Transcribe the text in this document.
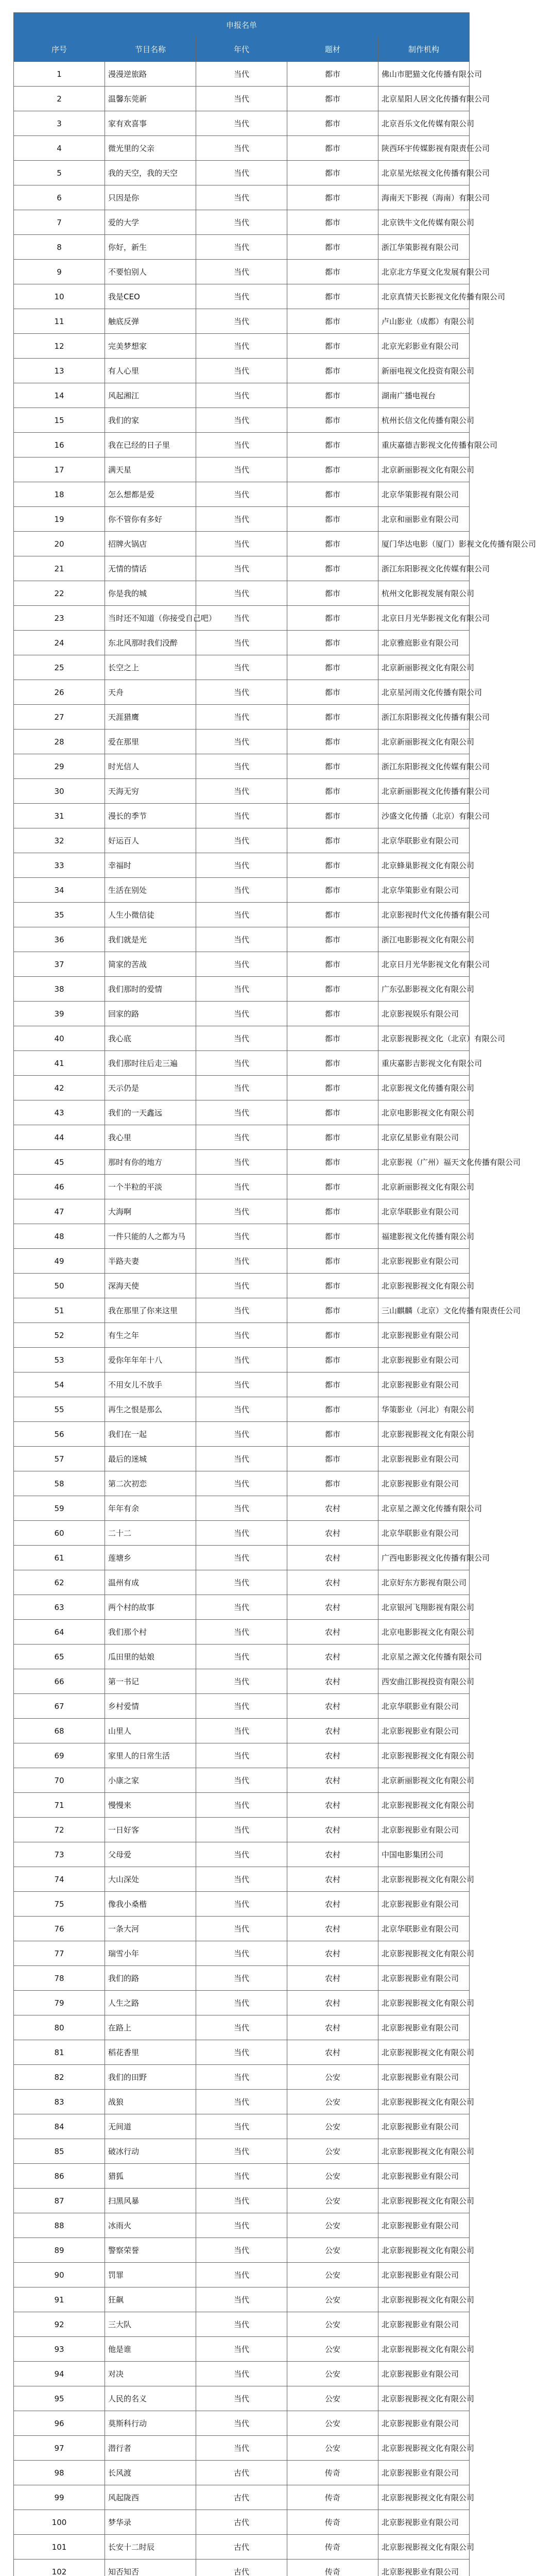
申报名单				
序号	节目名称	年代	题材	制作机构
1	漫漫逆旅路	当代	都市	佛山市肥猫文化传播有限公司
2	温馨东莞新	当代	都市	北京星阳人居文化传播有限公司
3	家有欢喜事	当代	都市	北京吾乐文化传媒有限公司
4	微光里的父亲	当代	都市	陕西环宇传媒影视有限责任公司
5	我的天空，我的天空	当代	都市	北京星光炫视文化传播有限公司
6	只因是你	当代	都市	海南天下影视（海南）有限公司
7	爱的大学	当代	都市	北京铁牛文化传媒有限公司
8	你好，新生	当代	都市	浙江华策影视有限公司
9	不要怕别人	当代	都市	北京北方华夏文化发展有限公司
10	我是CEO	当代	都市	北京真情天长影视文化传播有限公司
11	触底反弹	当代	都市	卢山影业（成都）有限公司
12	完美梦想家	当代	都市	北京光彩影业有限公司
13	有人心里	当代	都市	新丽电视文化投资有限公司
14	风起湘江	当代	都市	湖南广播电视台
15	我们的家	当代	都市	杭州长信文化传播有限公司
16	我在已经的日子里	当代	都市	重庆嘉德吉影视文化传播有限公司
17	满天星	当代	都市	北京新丽影视文化有限公司
18	怎么想都是爱	当代	都市	北京华策影视有限公司
19	你不管你有多好	当代	都市	北京和丽影业有限公司
20	招牌火锅店	当代	都市	厦门华达电影（厦门）影视文化传播有限公司
21	无情的情话	当代	都市	浙江东阳影视文化传媒有限公司
22	你是我的城	当代	都市	杭州文化影视发展有限公司
23	当时还不知道（你接受自己吧）	当代	都市	北京日月光华影视文化有限公司
24	东北风那时我们没醉	当代	都市	北京雅庭影业有限公司
25	长空之上	当代	都市	北京新丽影视文化有限公司
26	天舟	当代	都市	北京星河雨文化传播有限公司
27	天涯猎鹰	当代	都市	浙江东阳影视文化传播有限公司
28	爱在那里	当代	都市	北京新丽影视文化有限公司
29	时光信人	当代	都市	浙江东阳影视文化传媒有限公司
30	天海无穷	当代	都市	北京新丽影视文化传播有限公司
31	漫长的季节	当代	都市	沙盛文化传播（北京）有限公司
32	好运百人	当代	都市	北京华联影业有限公司
33	幸福时	当代	都市	北京蜂巢影视文化有限公司
34	生活在别处	当代	都市	北京华策影业有限公司
35	人生小微信徒	当代	都市	北京影视时代文化传播有限公司
36	我们就是光	当代	都市	浙江电影影视文化有限公司
37	简家的苦战	当代	都市	北京日月光华影视文化有限公司
38	我们那时的爱情	当代	都市	广东弘影影视文化有限公司
39	回家的路	当代	都市	北京影视娱乐有限公司
40	我心底	当代	都市	北京影视影视文化（北京）有限公司
41	我们那时往后走三遍	当代	都市	重庆嘉影吉影视文化有限公司
42	天示仍是	当代	都市	北京影视文化传播有限公司
43	我们的一天鑫远	当代	都市	北京电影影视文化有限公司
44	我心里	当代	都市	北京亿星影业有限公司
45	那时有你的地方	当代	都市	北京影视（广州）福天文化传播有限公司
46	一个半粒的平淡	当代	都市	北京新丽影视文化有限公司
47	大海啊	当代	都市	北京华联影业有限公司
48	一件只能的人之都为马	当代	都市	福建影视文化传播有限公司
49	半路夫妻	当代	都市	北京影视影业有限公司
50	深海天使	当代	都市	北京影视影视文化有限公司
51	我在那里了你来这里	当代	都市	三山麒麟（北京）文化传播有限责任公司
52	有生之年	当代	都市	北京影视影业有限公司
53	爱你年年年十八	当代	都市	北京影视影业有限公司
54	不用女儿不放手	当代	都市	北京影视影业有限公司
55	再生之恨是那么	当代	都市	华策影业（河北）有限公司
56	我们在一起	当代	都市	北京影视影视文化有限公司
57	最后的迷城	当代	都市	北京影视影业有限公司
58	第二次初恋	当代	都市	北京影视影业有限公司
59	年年有余	当代	农村	北京星之源文化传播有限公司
60	二十二	当代	农村	北京华联影业有限公司
61	莲塘乡	当代	农村	广西电影影视文化传播有限公司
62	温州有成	当代	农村	北京好东方影视有限公司
63	两个村的故事	当代	农村	北京银河飞翔影视有限公司
64	我们那个村	当代	农村	北京电影影视文化有限公司
65	瓜田里的姑娘	当代	农村	北京星之源文化传播有限公司
66	第一书记	当代	农村	西安曲江影视投资有限公司
67	乡村爱情	当代	农村	北京华联影业有限公司
68	山里人	当代	农村	北京影视影业有限公司
69	家里人的日常生活	当代	农村	北京影视影视文化有限公司
70	小康之家	当代	农村	北京新丽影视文化有限公司
71	慢慢来	当代	农村	北京影视影视文化有限公司
72	一日好客	当代	农村	北京影视影业有限公司
73	父母爱	当代	农村	中国电影集团公司
74	大山深处	当代	农村	北京影视影视文化有限公司
75	像我小桑楷	当代	农村	北京影视影业有限公司
76	一条大河	当代	农村	北京华联影业有限公司
77	瑞雪小年	当代	农村	北京影视影视文化有限公司
78	我们的路	当代	农村	北京影视影业有限公司
79	人生之路	当代	农村	北京影视影视文化有限公司
80	在路上	当代	农村	北京影视影业有限公司
81	稻花香里	当代	农村	北京影视影视文化有限公司
82	我们的田野	当代	公安	北京影视影业有限公司
83	战狼	当代	公安	北京影视影视文化有限公司
84	无间道	当代	公安	北京影视影业有限公司
85	破冰行动	当代	公安	北京影视影视文化有限公司
86	猎狐	当代	公安	北京影视影业有限公司
87	扫黑风暴	当代	公安	北京影视影视文化有限公司
88	冰雨火	当代	公安	北京影视影业有限公司
89	警察荣誉	当代	公安	北京影视影视文化有限公司
90	罚罪	当代	公安	北京影视影业有限公司
91	狂飙	当代	公安	北京影视影视文化有限公司
92	三大队	当代	公安	北京影视影业有限公司
93	他是谁	当代	公安	北京影视影视文化有限公司
94	对决	当代	公安	北京影视影业有限公司
95	人民的名义	当代	公安	北京影视影视文化有限公司
96	莫斯科行动	当代	公安	北京影视影业有限公司
97	潜行者	当代	公安	北京影视影视文化有限公司
98	长风渡	古代	传奇	北京影视影业有限公司
99	风起陇西	古代	传奇	北京影视影视文化有限公司
100	梦华录	古代	传奇	北京影视影业有限公司
101	长安十二时辰	古代	传奇	北京影视影视文化有限公司
102	知否知否	古代	传奇	北京影视影业有限公司
